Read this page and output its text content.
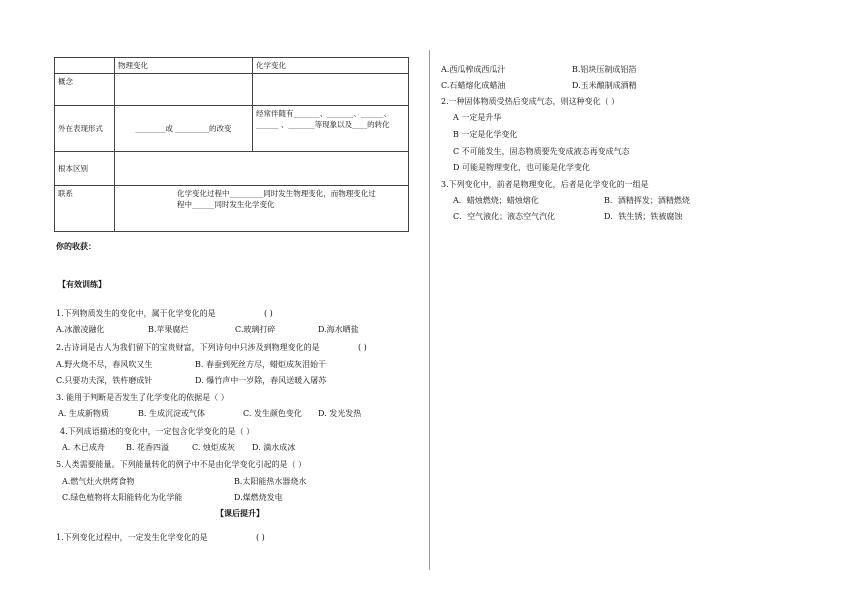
	物理变化	化学变化
概念		
外在表现形式	________或 _________的改变	经常伴随有_______、_______、______、______ 、_______等现象以及____的转化
根本区别		
联系	化学变化过程中_________同时发生物理变化，而物理变化过程中______同时发生化学变化	
你的收获：
【有效训练】
1.下列物质发生的变化中，属于化学变化的是	( )
A.冰激凌融化	B.苹果腐烂	C.玻璃打碎	D.海水晒盐
2.古诗词是古人为我们留下的宝贵财富，下列诗句中只涉及到物理变化的是	( )
A.野火烧不尽，春风吹又生	B. 春蚕到死丝方尽，蜡炬成灰泪始干
C.只要功夫深，铁杵磨成针	D. 爆竹声中一岁除，春风送暖入屠苏
3. 能用于判断是否发生了化学变化的依据是（ ）
A. 生成新物质	B. 生成沉淀或气体	C. 发生颜色变化 D. 发光发热
4.下列成语描述的变化中，一定包含化学变化的是（ ）
A. 木已成舟	B. 花香四溢	C. 烛炬成灰 D. 滴水成冰
5.人类需要能量。下列能量转化的例子中不是由化学变化引起的是（ ）
A.燃气灶火烘烤食物	B.太阳能热水器烧水
C.绿色植物将太阳能转化为化学能	D.煤燃烧发电
【课后提升】
1.下列变化过程中，一定发生化学变化的是	( )
A.西瓜榨成西瓜汁	B.铝块压制成铝箔
C.石蜡熔化成蜡油	D.玉米酿制成酒精
2.一种固体物质受热后变成气态，则这种变化（ ）
A 一定是升华
B 一定是化学变化
C 不可能发生，固态物质要先变成液态再变成气态
D 可能是物理变化，也可能是化学变化
3.下列变化中，前者是物理变化，后者是化学变化的一组是
A．蜡烛燃烧；蜡烛熔化	B．酒精挥发；酒精燃烧
C．空气液化；液态空气汽化	D．铁生锈；铁被腐蚀
